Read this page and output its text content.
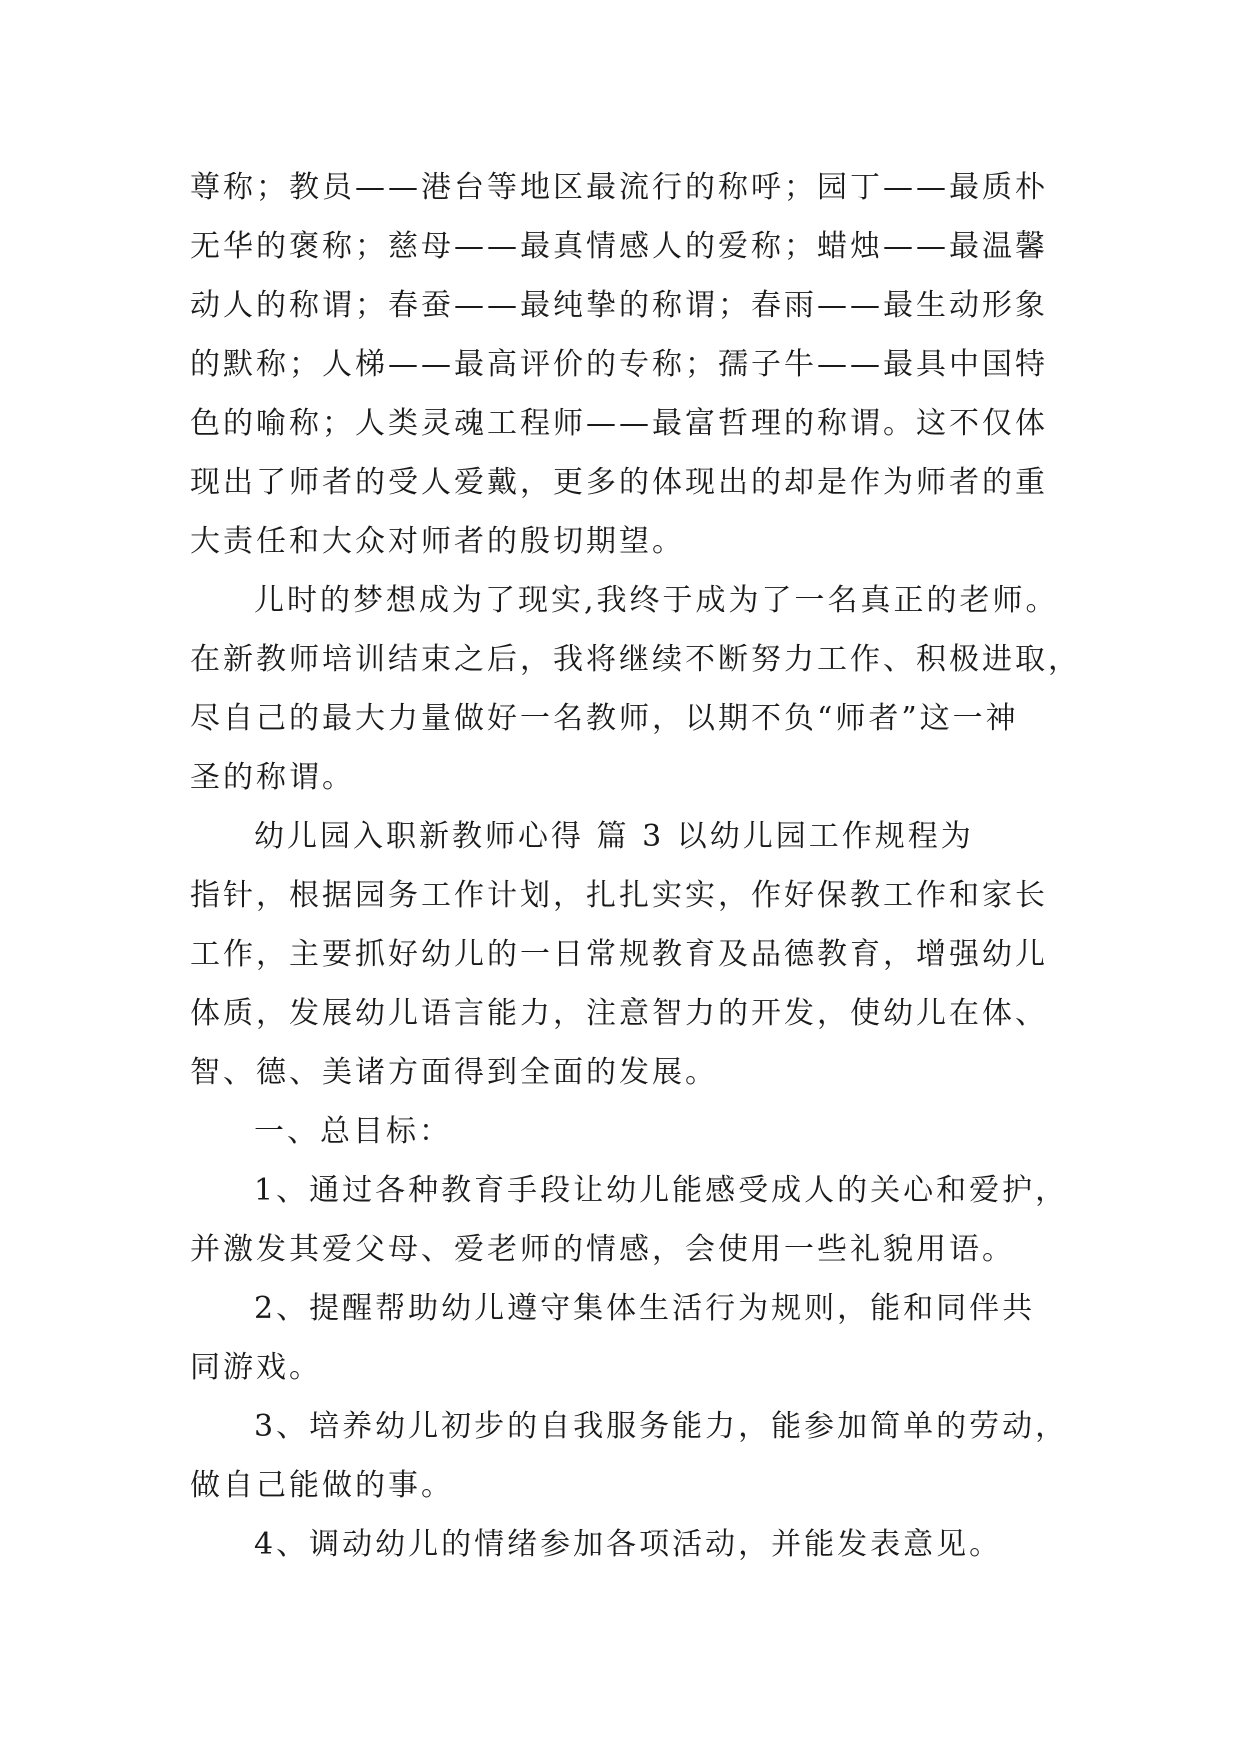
尊称；教员——港台等地区最流行的称呼；园丁——最质朴

无华的褒称；慈母——最真情感人的爱称；蜡烛——最温馨

动人的称谓；春蚕——最纯挚的称谓；春雨——最生动形象

的默称；人梯——最高评价的专称；孺子牛——最具中国特

色的喻称；人类灵魂工程师——最富哲理的称谓。这不仅体

现出了师者的受人爱戴，更多的体现出的却是作为师者的重

大责任和大众对师者的殷切期望。

儿时的梦想成为了现实,我终于成为了一名真正的老师。

在新教师培训结束之后，我将继续不断努力工作、积极进取，

尽自己的最大力量做好一名教师，以期不负“师者”这一神

圣的称谓。

幼儿园入职新教师心得 篇 3 以幼儿园工作规程为

指针，根据园务工作计划，扎扎实实，作好保教工作和家长

工作，主要抓好幼儿的一日常规教育及品德教育，增强幼儿

体质，发展幼儿语言能力，注意智力的开发，使幼儿在体、

智、德、美诸方面得到全面的发展。

一、总目标：

1、通过各种教育手段让幼儿能感受成人的关心和爱护，

并激发其爱父母、爱老师的情感，会使用一些礼貌用语。

2、提醒帮助幼儿遵守集体生活行为规则，能和同伴共

同游戏。

3、培养幼儿初步的自我服务能力，能参加简单的劳动，

做自己能做的事。

4、调动幼儿的情绪参加各项活动，并能发表意见。
